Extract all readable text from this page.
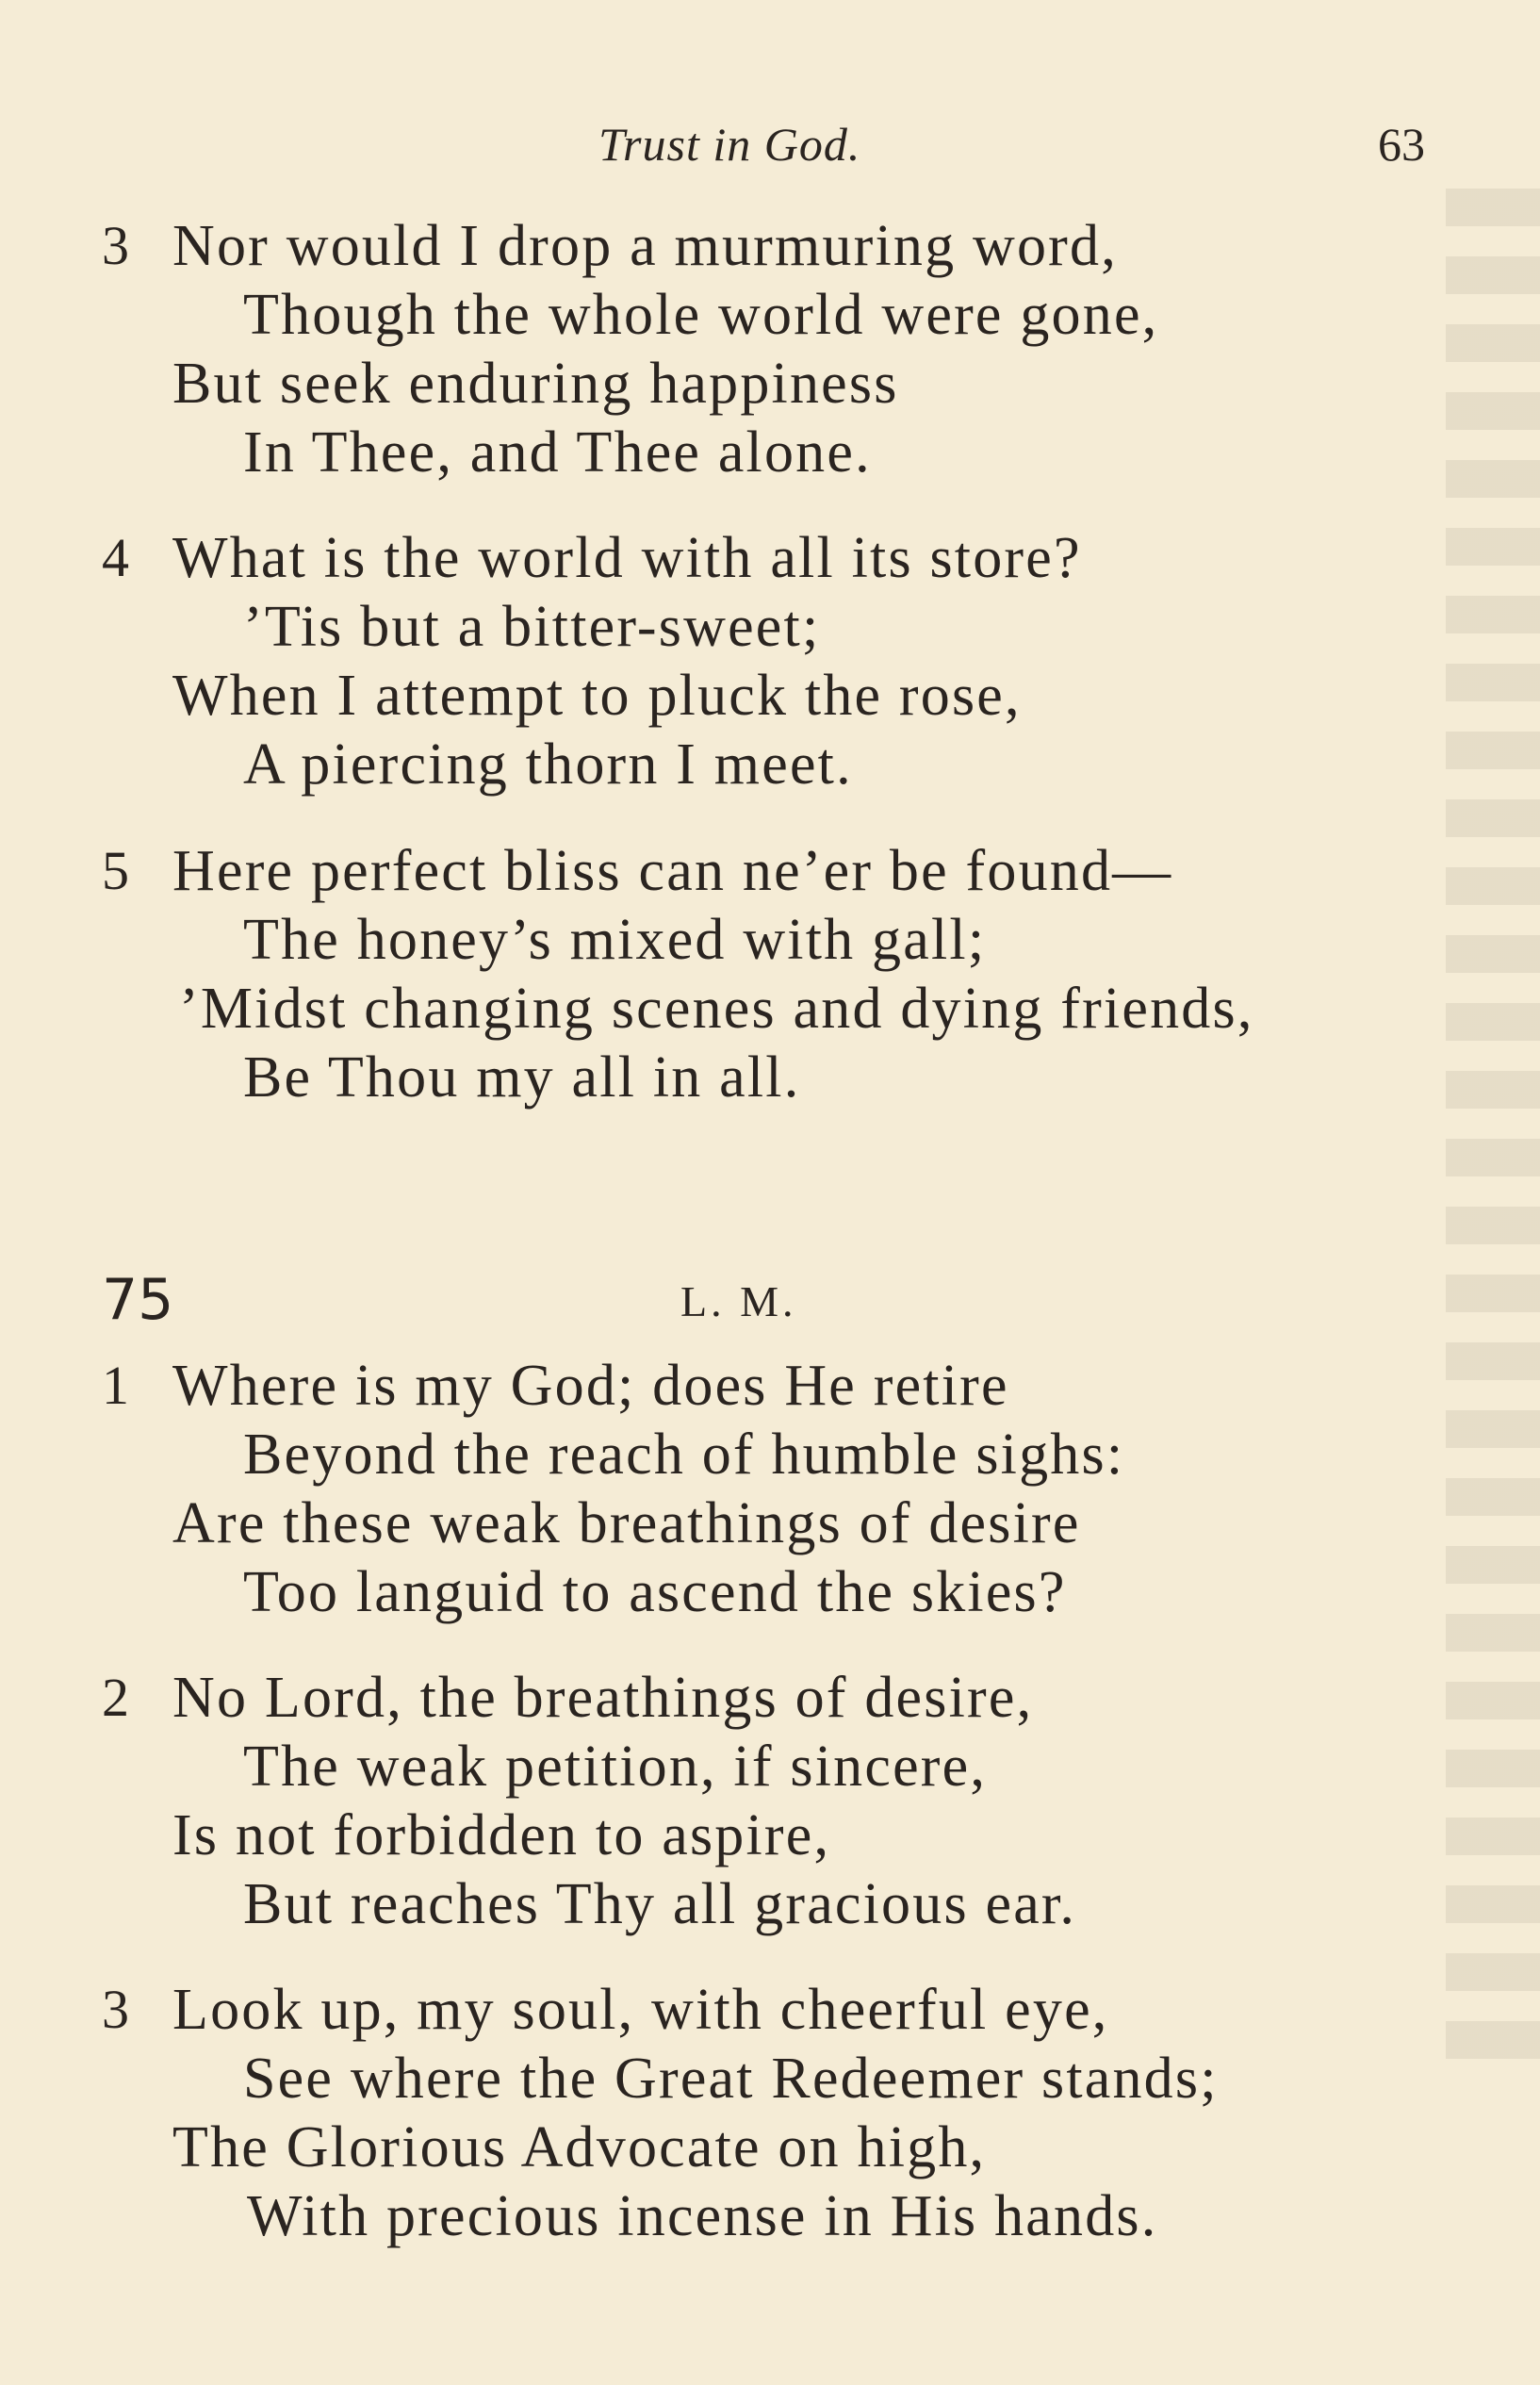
Trust in God.	63
3 Nor would I drop a murmuring word,
Though the whole world were gone,
But seek enduring happiness
In Thee, and Thee alone.
4 What is the world with all its store?
’Tis but a bitter-sweet;
When I attempt to pluck the rose,
A piercing thorn I meet.
5 Here perfect bliss can ne’er be found—
The honey’s mixed with gall;
’Midst changing scenes and dying friends,
Be Thou my all in all.
75	L. M.
1 Where is my God; does He retire
Beyond the reach of humble sighs:
Are these weak breathings of desire
Too languid to ascend the skies?
2 No Lord, the breathings of desire,
The weak petition, if sincere,
Is not forbidden to aspire,
But reaches Thy all gracious ear.
3 Look up, my soul, with cheerful eye,
See where the Great Redeemer stands;
The Glorious Advocate on high,
With precious incense in His hands.
